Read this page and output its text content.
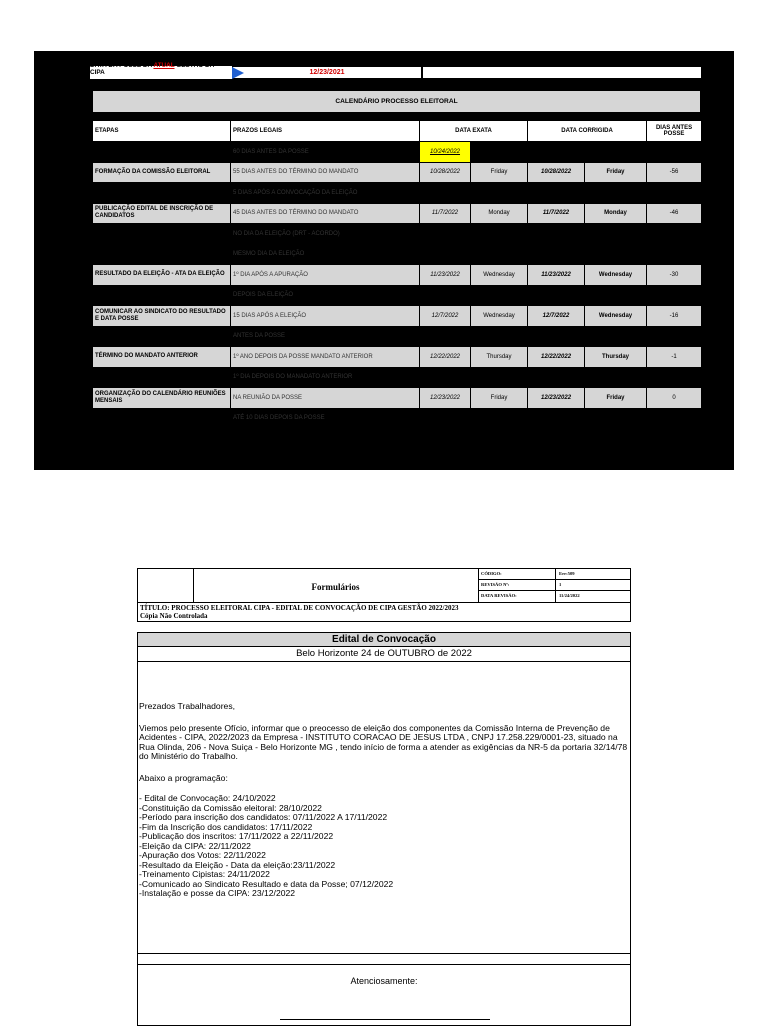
DATA DA POSSE DA ATUAL GESTÃO DA CIPA	12/23/2021
CALENDÁRIO PROCESSO ELEITORAL
ETAPAS	PRAZOS LEGAIS	DATA EXATA		DATA CORRIGIDA		DIAS ANTES POSSE
EDITAL DE CONVOCAÇÃO PARA ELEIÇÃO	60 DIAS ANTES DA POSSE	10/24/2022	Monday	10/24/2022	Monday	-60
FORMAÇÃO DA COMISSÃO ELEITORAL	55 DIAS ANTES DO TÉRMINO DO MANDATO	10/28/2022	Friday	10/28/2022	Friday	-56
ENVIAR CÓPIA DO EDITAL DE CONVOCAÇÃO AO SINDICATO	5 DIAS APÓS A CONVOCAÇÃO DA ELEIÇÃO	10/29/2022	Saturday	10/28/2022	Friday	-56
PUBLICAÇÃO EDITAL DE INSCRIÇÃO DE CANDIDATOS	45 DIAS ANTES DO TÉRMINO DO MANDATO	11/7/2022	Monday	11/7/2022	Monday	-46
RETIRADA DO EDITAL DE CONVOCAÇÃO	NO DIA DA ELEIÇÃO (DRT - ACORDO)	11/22/2022	Tuesday	11/22/2022	Tuesday	-31
REALIZAÇÃO DA APURAÇÃO	MESMO DIA DA ELEIÇÃO	11/22/2022	Tuesday	11/22/2022	Tuesday	-31
RESULTADO DA ELEIÇÃO - ATA DA ELEIÇÃO	1º DIA APÓS A APURAÇÃO	11/23/2022	Wednesday	11/23/2022	Wednesday	-30
CURSO PARA CIPEIROS (DATA MÍNIMA)	DEPOIS DA ELEIÇÃO	11/24/2022	Thursday	11/24/2022	Thursday	-29
COMUNICAR AO SINDICATO DO RESULTADO E DATA POSSE	15 DIAS APÓS A ELEIÇÃO	12/7/2022	Wednesday	12/7/2022	Wednesday	-16
CURSO PARA CIPEIROS (DATA MÁXIMA)	ANTES DA POSSE	12/20/2022	Tuesday	12/20/2022	Tuesday	-3
TÉRMINO DO MANDATO ANTERIOR	1º ANO DEPOIS DA POSSE MANDATO ANTERIOR	12/22/2022	Thursday	12/22/2022	Thursday	-1
REALIZAÇÃO DA POSSE - ATA DE POSSE NOVOS MEMBROS	1º DIA DEPOIS DO MANADATO ANTERIOR	12/23/2022	Friday	12/23/2022	Friday	0
ORGANIZAÇÃO DO CALENDÁRIO REUNIÕES MENSAIS	NA REUNIÃO DA POSSE	12/23/2022	Friday	12/23/2022	Friday	0
REGISTRO DA CIPA NA DRT	ATÉ 10 DIAS DEPOIS DA POSSE	1/2/2023	Monday	1/2/2023	Monday	10
Formulários
CÓDIGO:	Err:509
REVISÃO Nº:	1
DATA REVISÃO:	11/24/2022
TÍTULO: PROCESSO ELEITORAL CIPA - EDITAL DE CONVOCAÇÃO DE CIPA GESTÃO 2022/2023
Cópia Não Controlada
Edital de Convocação
Belo Horizonte 24 de OUTUBRO de 2022

Prezados Trabalhadores,

Viemos pelo presente Ofício, informar que o preocesso de eleição dos componentes da Comissão Interna de Prevenção de Acidentes - CIPA, 2022/2023 da Empresa - INSTITUTO CORACAO DE JESUS LTDA , CNPJ 17.258.229/0001-23, situado na Rua Olinda, 206 - Nova Suiça - Belo Horizonte MG , tendo início de forma a atender as exigências da NR-5 da portaria 32/14/78 do Ministério do Trabalho.

Abaixo a programação:

- Edital de Convocação: 24/10/2022
-Constituição da Comissão eleitoral: 28/10/2022
-Período para inscrição dos candidatos: 07/11/2022 A 17/11/2022
-Fim da Inscrição dos candidatos: 17/11/2022
-Publicação dos inscritos: 17/11/2022 a 22/11/2022
-Eleição da CIPA: 22/11/2022
-Apuração dos Votos: 22/11/2022
-Resultado da Eleição - Data da eleição:23/11/2022
-Treinamento Cipistas: 24/11/2022
-Comunicado ao Sindicato Resultado e data da Posse; 07/12/2022
-Instalação e posse da CIPA: 23/12/2022
Atenciosamente:
